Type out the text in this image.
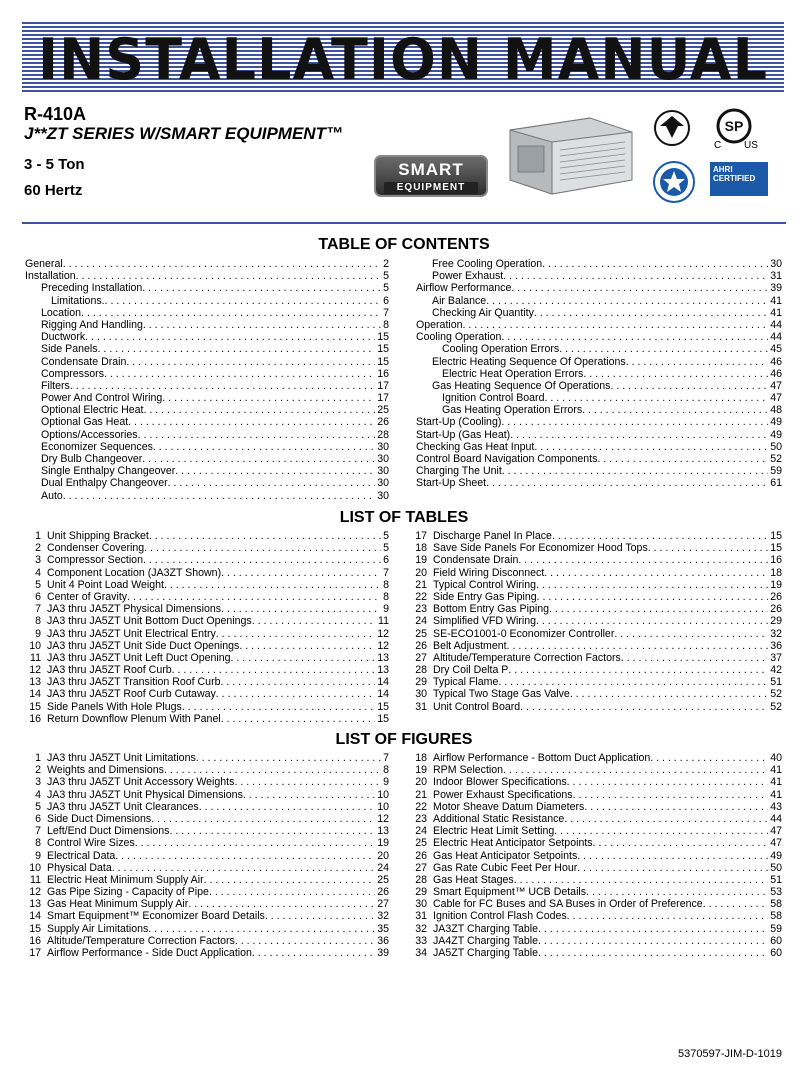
INSTALLATION MANUAL
R-410A
J**ZT SERIES W/SMART EQUIPMENT™
3 - 5 Ton
60 Hertz
SMART
EQUIPMENT
SP
C US
AHRI CERTIFIED
TABLE OF CONTENTS
General . . .	2
Installation . . .	5
Preceding Installation . . .	5
Limitations. . . .	6
Location . . .	7
Rigging And Handling . . .	8
Ductwork . . .	15
Side Panels . . .	15
Condensate Drain . . .	15
Compressors . . .	16
Filters . . .	17
Power And Control Wiring . . .	17
Optional Electric Heat . . .	25
Optional Gas Heat . . .	26
Options/Accessories . . .	28
Economizer Sequences . . .	30
Dry Bulb Changeover . . .	30
Single Enthalpy Changeover . . .	30
Dual Enthalpy Changeover . . .	30
Auto . . .	30
Free Cooling Operation . . .	30
Power Exhaust . . .	31
Airflow Performance . . .	39
Air Balance . . .	41
Checking Air Quantity . . .	41
Operation . . .	44
Cooling Operation . . .	44
Cooling Operation Errors . . .	45
Electric Heating Sequence Of Operations . . .	46
Electric Heat Operation Errors . . .	46
Gas Heating Sequence Of Operations . . .	47
Ignition Control Board . . .	47
Gas Heating Operation Errors . . .	48
Start-Up (Cooling) . . .	49
Start-Up (Gas Heat) . . .	49
Checking Gas Heat Input . . .	50
Control Board Navigation Components . . .	52
Charging The Unit . . .	59
Start-Up Sheet . . .	61
LIST OF TABLES
1 Unit Shipping Bracket . . .	5
2 Condenser Covering . . .	5
3 Compressor Section . . .	6
4 Component Location (JA3ZT Shown) . . .	7
5 Unit 4 Point Load Weight . . .	8
6 Center of Gravity . . .	8
7 JA3 thru JA5ZT Physical Dimensions . . .	9
8 JA3 thru JA5ZT Unit Bottom Duct Openings . . .	11
9 JA3 thru JA5ZT Unit Electrical Entry . . .	12
10 JA3 thru JA5ZT Unit Side Duct Openings . . .	12
11 JA3 thru JA5ZT Unit Left Duct Opening . . .	13
12 JA3 thru JA5ZT Roof Curb . . .	13
13 JA3 thru JA5ZT Transition Roof Curb . . .	14
14 JA3 thru JA5ZT Roof Curb Cutaway . . .	14
15 Side Panels With Hole Plugs . . .	15
16 Return Downflow Plenum With Panel . . .	15
17 Discharge Panel In Place . . .	15
18 Save Side Panels For Economizer Hood Tops . . .	15
19 Condensate Drain . . .	16
20 Field Wiring Disconnect . . .	18
21 Typical Control Wiring . . .	19
22 Side Entry Gas Piping . . .	26
23 Bottom Entry Gas Piping . . .	26
24 Simplified VFD Wiring . . .	29
25 SE-ECO1001-0 Economizer Controller . . .	32
26 Belt Adjustment . . .	36
27 Altitude/Temperature Correction Factors . . .	37
28 Dry Coil Delta P . . .	42
29 Typical Flame . . .	51
30 Typical Two Stage Gas Valve . . .	52
31 Unit Control Board . . .	52
LIST OF FIGURES
1 JA3 thru JA5ZT Unit Limitations . . .	7
2 Weights and Dimensions . . .	8
3 JA3 thru JA5ZT Unit Accessory Weights . . .	9
4 JA3 thru JA5ZT Unit Physical Dimensions . . .	10
5 JA3 thru JA5ZT Unit Clearances . . .	10
6 Side Duct Dimensions . . .	12
7 Left/End Duct Dimensions . . .	13
8 Control Wire Sizes . . .	19
9 Electrical Data . . .	20
10 Physical Data . . .	24
11 Electric Heat Minimum Supply Air . . .	25
12 Gas Pipe Sizing - Capacity of Pipe . . .	26
13 Gas Heat Minimum Supply Air . . .	27
14 Smart Equipment™ Economizer Board Details . . .	32
15 Supply Air Limitations . . .	35
16 Altitude/Temperature Correction Factors . . .	36
17 Airflow Performance - Side Duct Application . . .	39
18 Airflow Performance - Bottom Duct Application . . .	40
19 RPM Selection . . .	41
20 Indoor Blower Specifications . . .	41
21 Power Exhaust Specifications . . .	41
22 Motor Sheave Datum Diameters . . .	43
23 Additional Static Resistance . . .	44
24 Electric Heat Limit Setting . . .	47
25 Electric Heat Anticipator Setpoints . . .	47
26 Gas Heat Anticipator Setpoints . . .	49
27 Gas Rate Cubic Feet Per Hour . . .	50
28 Gas Heat Stages . . .	51
29 Smart Equipment™ UCB Details . . .	53
30 Cable for FC Buses and SA Buses in Order of Preference . . .	58
31 Ignition Control Flash Codes . . .	58
32 JA3ZT Charging Table . . .	59
33 JA4ZT Charging Table . . .	60
34 JA5ZT Charging Table . . .	60
5370597-JIM-D-1019
